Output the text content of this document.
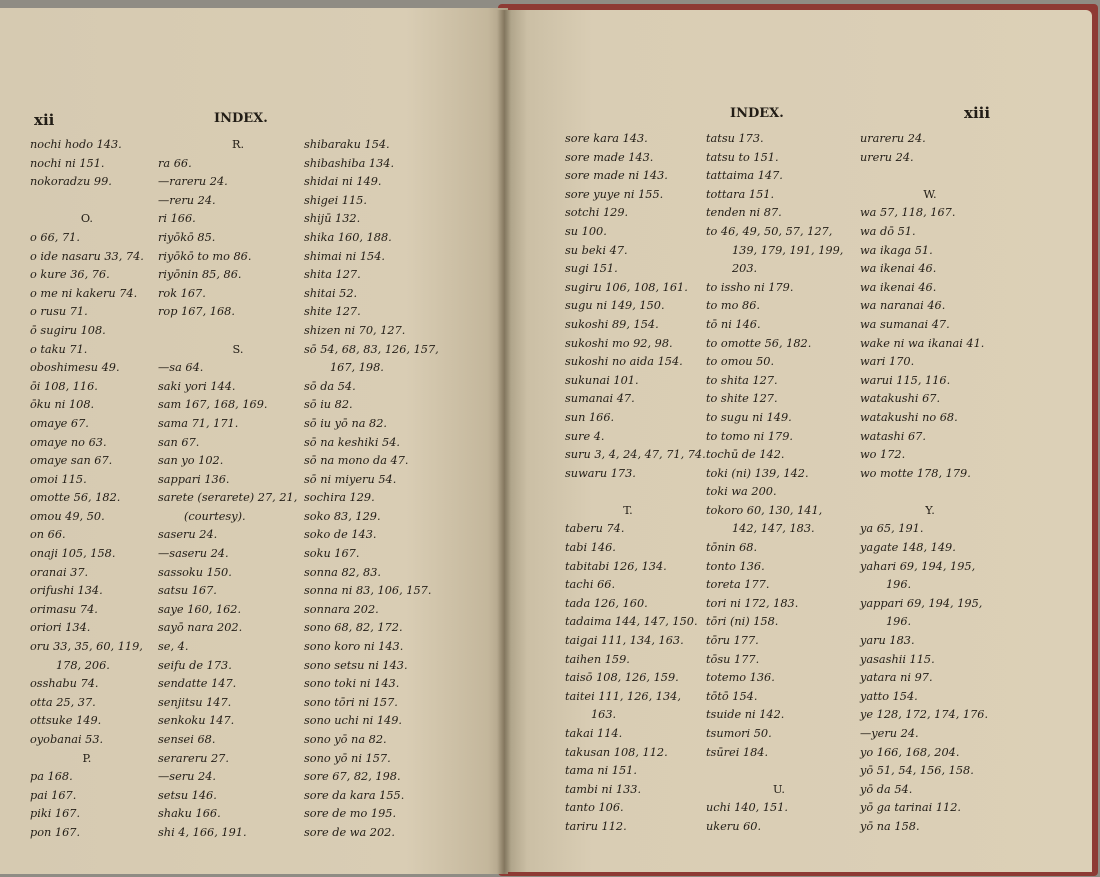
xii	INDEX.
nochi hodo 143.
nochi ni 151.
nokoradzu 99.
O.
o 66, 71.
o ide nasaru 33, 74.
o kure 36, 76.
o me ni kakeru 74.
o rusu 71.
ō sugiru 108.
o taku 71.
oboshimesu 49.
ōi 108, 116.
ōku ni 108.
omaye 67.
omaye no 63.
omaye san 67.
omoi 115.
omotte 56, 182.
omou 49, 50.
on 66.
onaji 105, 158.
oranai 37.
orifushi 134.
orimasu 74.
oriori 134.
oru 33, 35, 60, 119,
178, 206.
osshabu 74.
otta 25, 37.
ottsuke 149.
oyobanai 53.
P.
pa 168.
pai 167.
piki 167.
pon 167.
R.
ra 66.
—rareru 24.
—reru 24.
ri 166.
riyōkō 85.
riyōkō to mo 86.
riyōnin 85, 86.
rok 167.
rop 167, 168.
S.
—sa 64.
saki yori 144.
sam 167, 168, 169.
sama 71, 171.
san 67.
san yo 102.
sappari 136.
sarete (serarete) 27, 21,
(courtesy).
saseru 24.
—saseru 24.
sassoku 150.
satsu 167.
saye 160, 162.
sayō nara 202.
se, 4.
seifu de 173.
sendatte 147.
senjitsu 147.
senkoku 147.
sensei 68.
serareru 27.
—seru 24.
setsu 146.
shaku 166.
shi 4, 166, 191.
shibaraku 154.
shibashiba 134.
shidai ni 149.
shigei 115.
shijū 132.
shika 160, 188.
shimai ni 154.
shita 127.
shitai 52.
shite 127.
shizen ni 70, 127.
sō 54, 68, 83, 126, 157,
167, 198.
sō da 54.
sō iu 82.
sō iu yō na 82.
sō na keshiki 54.
sō na mono da 47.
sō ni miyeru 54.
sochira 129.
soko 83, 129.
soko de 143.
soku 167.
sonna 82, 83.
sonna ni 83, 106, 157.
sonnara 202.
sono 68, 82, 172.
sono koro ni 143.
sono setsu ni 143.
sono toki ni 143.
sono tōri ni 157.
sono uchi ni 149.
sono yō na 82.
sono yō ni 157.
sore 67, 82, 198.
sore da kara 155.
sore de mo 195.
sore de wa 202.
INDEX.	xiii
sore kara 143.
sore made 143.
sore made ni 143.
sore yuye ni 155.
sotchi 129.
su 100.
su beki 47.
sugi 151.
sugiru 106, 108, 161.
sugu ni 149, 150.
sukoshi 89, 154.
sukoshi mo 92, 98.
sukoshi no aida 154.
sukunai 101.
sumanai 47.
sun 166.
sure 4.
suru 3, 4, 24, 47, 71, 74.
suwaru 173.
T.
taberu 74.
tabi 146.
tabitabi 126, 134.
tachi 66.
tada 126, 160.
tadaima 144, 147, 150.
taigai 111, 134, 163.
taihen 159.
taisō 108, 126, 159.
taitei 111, 126, 134,
163.
takai 114.
takusan 108, 112.
tama ni 151.
tambi ni 133.
tanto 106.
tariru 112.
tatsu 173.
tatsu to 151.
tattaima 147.
tottara 151.
tenden ni 87.
to 46, 49, 50, 57, 127,
139, 179, 191, 199,
203.
to issho ni 179.
to mo 86.
tō ni 146.
to omotte 56, 182.
to omou 50.
to shita 127.
to shite 127.
to sugu ni 149.
to tomo ni 179.
tochū de 142.
toki (ni) 139, 142.
toki wa 200.
tokoro 60, 130, 141,
142, 147, 183.
tōnin 68.
tonto 136.
toreta 177.
tori ni 172, 183.
tōri (ni) 158.
tōru 177.
tōsu 177.
totemo 136.
tōtō 154.
tsuide ni 142.
tsumori 50.
tsūrei 184.
U.
uchi 140, 151.
ukeru 60.
urareru 24.
ureru 24.
W.
wa 57, 118, 167.
wa dō 51.
wa ikaga 51.
wa ikenai 46.
wa ikenai 46.
wa naranai 46.
wa sumanai 47.
wake ni wa ikanai 41.
wari 170.
warui 115, 116.
watakushi 67.
watakushi no 68.
watashi 67.
wo 172.
wo motte 178, 179.
Y.
ya 65, 191.
yagate 148, 149.
yahari 69, 194, 195,
196.
yappari 69, 194, 195,
196.
yaru 183.
yasashii 115.
yatara ni 97.
yatto 154.
ye 128, 172, 174, 176.
—yeru 24.
yo 166, 168, 204.
yō 51, 54, 156, 158.
yō da 54.
yō ga tarinai 112.
yō na 158.
